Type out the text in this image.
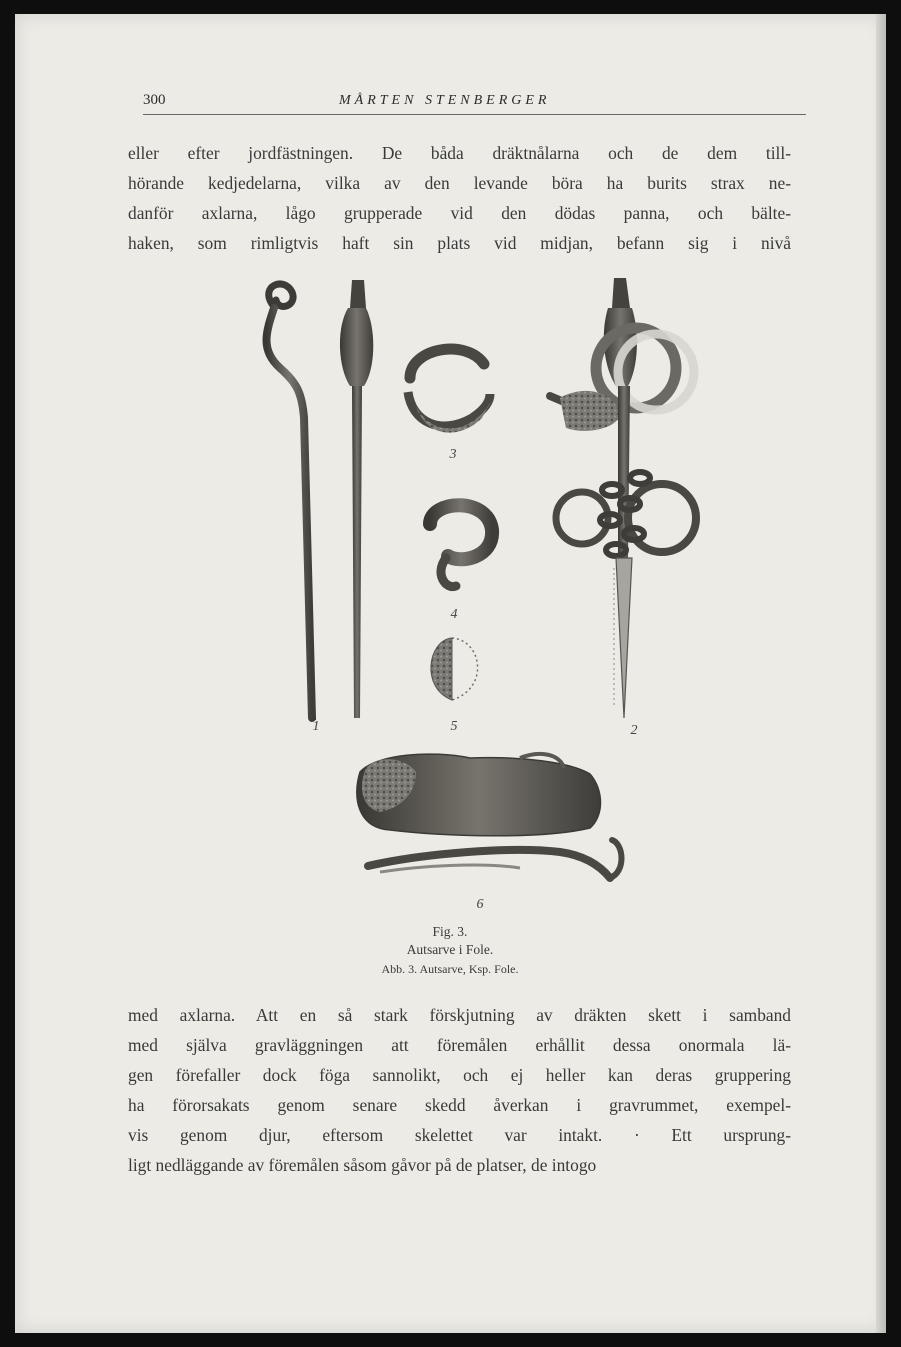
300	MÅRTEN STENBERGER
eller efter jordfästningen. De båda dräktnålarna och de dem till-
hörande kedjedelarna, vilka av den levande böra ha burits strax ne-
danför axlarna, lågo grupperade vid den dödas panna, och bälte-
haken, som rimligtvis haft sin plats vid midjan, befann sig i nivå
3
4
1	5	2
6
Fig. 3.
Autsarve i Fole.
Abb. 3. Autsarve, Ksp. Fole.
med axlarna. Att en så stark förskjutning av dräkten skett i samband
med själva gravläggningen att föremålen erhållit dessa onormala lä-
gen förefaller dock föga sannolikt, och ej heller kan deras gruppering
ha förorsakats genom senare skedd åverkan i gravrummet, exempel-
vis genom djur, eftersom skelettet var intakt. · Ett ursprung-
ligt nedläggande av föremålen såsom gåvor på de platser, de intogo
